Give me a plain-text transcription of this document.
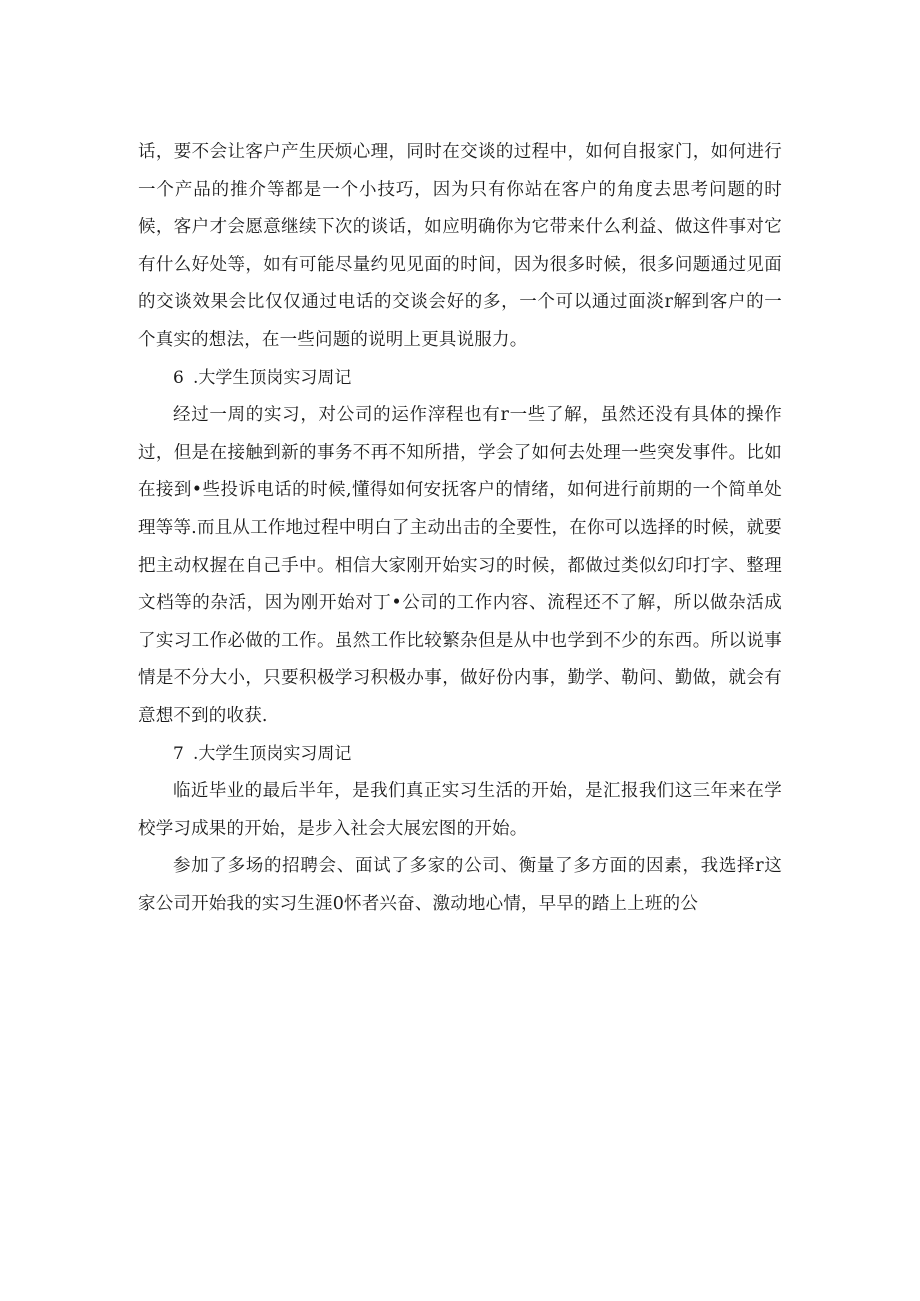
话，要不会让客户产生厌烦心理，同时在交谈的过程中，如何自报家门，如何进行一个产品的推介等都是一个小技巧，因为只有你站在客户的角度去思考问题的时候，客户才会愿意继续下次的谈话，如应明确你为它带来什么利益、做这件事对它有什么好处等，如有可能尽量约见见面的时间，因为很多时候，很多问题通过见面的交谈效果会比仅仅通过电话的交谈会好的多，一个可以通过面淡r解到客户的一个真实的想法，在一些问题的说明上更具说服力。

6 .大学生顶岗实习周记

经过一周的实习，对公司的运作滓程也有r一些了解，虽然还没有具体的操作过，但是在接触到新的事务不再不知所措，学会了如何去处理一些突发事件。比如在接到•些投诉电话的时候,懂得如何安抚客户的情绪，如何进行前期的一个简单处理等等.而且从工作地过程中明白了主动出击的全要性，在你可以选择的时候，就要把主动权握在自己手中。相信大家刚开始实习的时候，都做过类似幻印打字、整理文档等的杂活，因为刚开始对丁•公司的工作内容、流程还不了解，所以做杂活成了实习工作必做的工作。虽然工作比较繁杂但是从中也学到不少的东西。所以说事情是不分大小，只要积极学习积极办事，做好份内事，勤学、勒问、勤做，就会有意想不到的收获.

7 .大学生顶岗实习周记

临近毕业的最后半年，是我们真正实习生活的开始，是汇报我们这三年来在学校学习成果的开始，是步入社会大展宏图的开始。

参加了多场的招聘会、面试了多家的公司、衡量了多方面的因素，我选择r这家公司开始我的实习生涯0怀者兴奋、激动地心情，早早的踏上上班的公
